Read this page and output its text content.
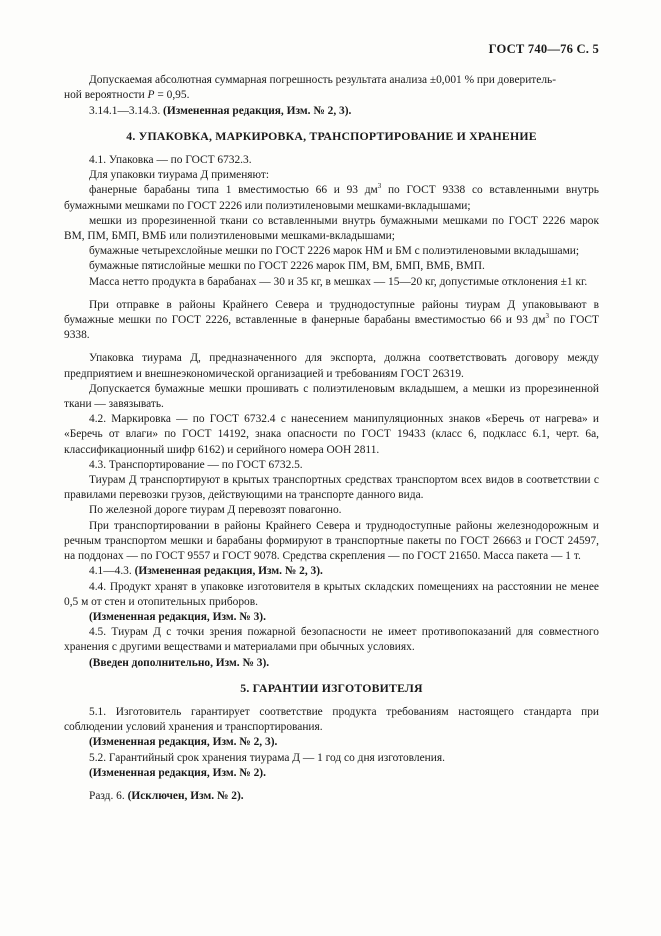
ГОСТ 740—76 С. 5

Допускаемая абсолютная суммарная погрешность результата анализа ±0,001 % при доверитель-

ной вероятности P = 0,95.

3.14.1—3.14.3. (Измененная редакция, Изм. № 2, 3).

4. УПАКОВКА, МАРКИРОВКА, ТРАНСПОРТИРОВАНИЕ И ХРАНЕНИЕ

4.1. Упаковка — по ГОСТ 6732.3.

Для упаковки тиурама Д применяют:

фанерные барабаны типа 1 вместимостью 66 и 93 $дм^3$ по ГОСТ 9338 со вставленными внутрь бумажными мешками по ГОСТ 2226 или полиэтиленовыми мешками-вкладышами;

мешки из прорезиненной ткани со вставленными внутрь бумажными мешками по ГОСТ 2226 марок ВМ, ПМ, БМП, ВМБ или полиэтиленовыми мешками-вкладышами;

бумажные четырехслойные мешки по ГОСТ 2226 марок НМ и БМ с полиэтиленовыми вкладышами;

бумажные пятислойные мешки по ГОСТ 2226 марок ПМ, ВМ, БМП, ВМБ, ВМП.

Масса нетто продукта в барабанах — 30 и 35 кг, в мешках — 15—20 кг, допустимые отклонения ±1 кг.

При отправке в районы Крайнего Севера и труднодоступные районы тиурам Д упаковывают в бумажные мешки по ГОСТ 2226, вставленные в фанерные барабаны вместимостью 66 и 93 $дм^3$ по ГОСТ 9338.

Упаковка тиурама Д, предназначенного для экспорта, должна соответствовать договору между предприятием и внешнеэкономической организацией и требованиям ГОСТ 26319.

Допускается бумажные мешки прошивать с полиэтиленовым вкладышем, а мешки из прорезиненной ткани — завязывать.

4.2. Маркировка — по ГОСТ 6732.4 с нанесением манипуляционных знаков «Беречь от нагрева» и «Беречь от влаги» по ГОСТ 14192, знака опасности по ГОСТ 19433 (класс 6, подкласс 6.1, черт. 6а, классификационный шифр 6162) и серийного номера ООН 2811.

4.3. Транспортирование — по ГОСТ 6732.5.

Тиурам Д транспортируют в крытых транспортных средствах транспортом всех видов в соответствии с правилами перевозки грузов, действующими на транспорте данного вида.

По железной дороге тиурам Д перевозят повагонно.

При транспортировании в районы Крайнего Севера и труднодоступные районы железнодорожным и речным транспортом мешки и барабаны формируют в транспортные пакеты по ГОСТ 26663 и ГОСТ 24597, на поддонах — по ГОСТ 9557 и ГОСТ 9078. Средства скрепления — по ГОСТ 21650. Масса пакета — 1 т.

4.1—4.3. (Измененная редакция, Изм. № 2, 3).

4.4. Продукт хранят в упаковке изготовителя в крытых складских помещениях на расстоянии не менее 0,5 м от стен и отопительных приборов.

(Измененная редакция, Изм. № 3).

4.5. Тиурам Д с точки зрения пожарной безопасности не имеет противопоказаний для совместного хранения с другими веществами и материалами при обычных условиях.

(Введен дополнительно, Изм. № 3).

5. ГАРАНТИИ ИЗГОТОВИТЕЛЯ

5.1. Изготовитель гарантирует соответствие продукта требованиям настоящего стандарта при соблюдении условий хранения и транспортирования.

(Измененная редакция, Изм. № 2, 3).

5.2. Гарантийный срок хранения тиурама Д — 1 год со дня изготовления.

(Измененная редакция, Изм. № 2).

Разд. 6. (Исключен, Изм. № 2).
